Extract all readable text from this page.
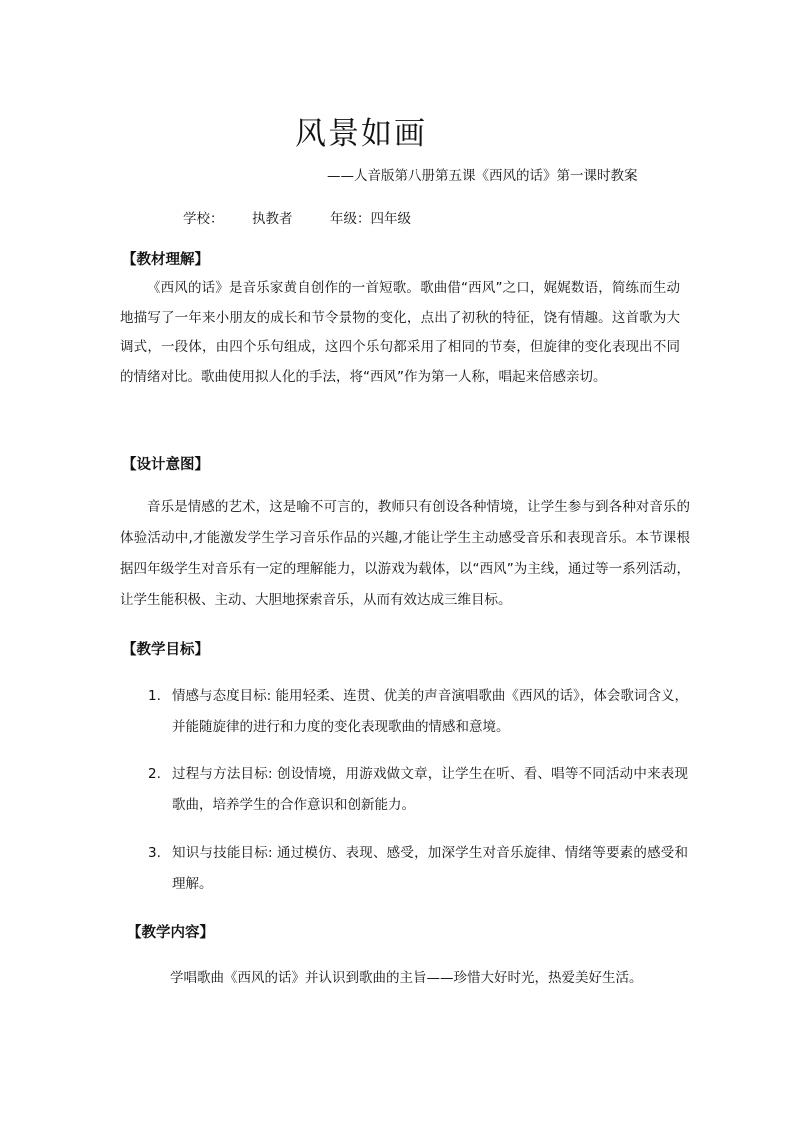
风景如画
——人音版第八册第五课《西风的话》第一课时教案
学校： 执教者	年级：四年级
【教材理解】
《西风的话》是音乐家黄自创作的一首短歌。歌曲借“西风”之口，娓娓数语，简练而生动地描写了一年来小朋友的成长和节令景物的变化，点出了初秋的特征，饶有情趣。这首歌为大调式，一段体，由四个乐句组成，这四个乐句都采用了相同的节奏，但旋律的变化表现出不同的情绪对比。歌曲使用拟人化的手法，将“西风”作为第一人称，唱起来倍感亲切。
【设计意图】
音乐是情感的艺术，这是喻不可言的，教师只有创设各种情境，让学生参与到各种对音乐的体验活动中,才能激发学生学习音乐作品的兴趣,才能让学生主动感受音乐和表现音乐。本节课根据四年级学生对音乐有一定的理解能力，以游戏为载体，以“西风”为主线，通过等一系列活动，让学生能积极、主动、大胆地探索音乐，从而有效达成三维目标。
【教学目标】
1. 情感与态度目标: 能用轻柔、连贯、优美的声音演唱歌曲《西风的话》，体会歌词含义，并能随旋律的进行和力度的变化表现歌曲的情感和意境。
2. 过程与方法目标: 创设情境，用游戏做文章，让学生在听、看、唱等不同活动中来表现歌曲，培养学生的合作意识和创新能力。
3. 知识与技能目标: 通过模仿、表现、感受，加深学生对音乐旋律、情绪等要素的感受和理解。
【教学内容】
学唱歌曲《西风的话》并认识到歌曲的主旨——珍惜大好时光，热爱美好生活。
